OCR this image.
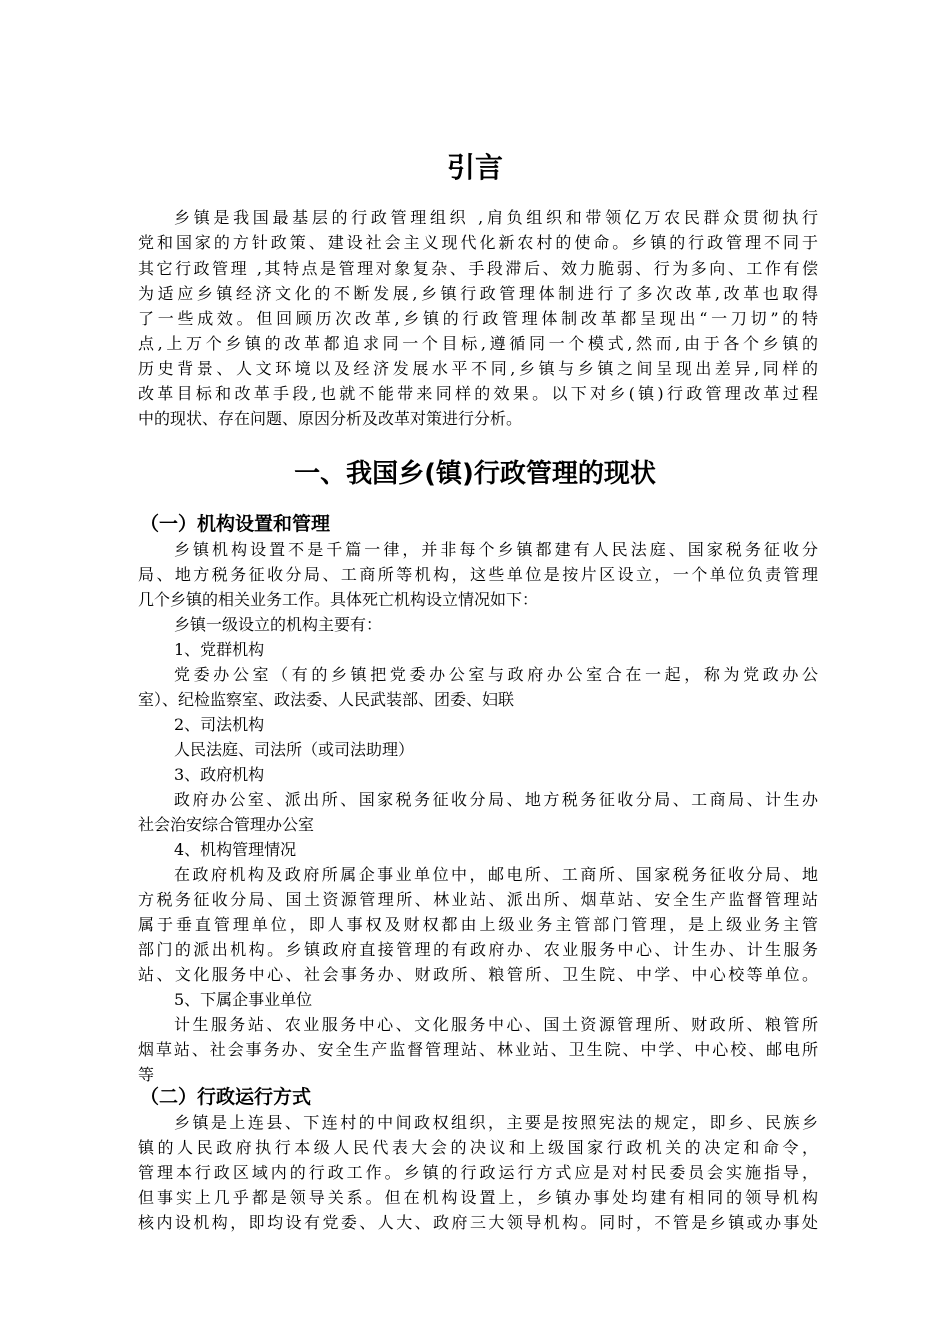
引言
乡镇是我国最基层的行政管理组织 ,肩负组织和带领亿万农民群众贯彻执行
党和国家的方针政策、建设社会主义现代化新农村的使命。乡镇的行政管理不同于
其它行政管理 ,其特点是管理对象复杂、手段滞后、效力脆弱、行为多向、工作有偿
为适应乡镇经济文化的不断发展,乡镇行政管理体制进行了多次改革,改革也取得
了一些成效。但回顾历次改革,乡镇的行政管理体制改革都呈现出“一刀切”的特
点,上万个乡镇的改革都追求同一个目标,遵循同一个模式,然而,由于各个乡镇的
历史背景、人文环境以及经济发展水平不同,乡镇与乡镇之间呈现出差异,同样的
改革目标和改革手段,也就不能带来同样的效果。以下对乡(镇)行政管理改革过程
中的现状、存在问题、原因分析及改革对策进行分析。
一、我国乡(镇)行政管理的现状
（一）机构设置和管理
乡镇机构设置不是千篇一律，并非每个乡镇都建有人民法庭、国家税务征收分
局、地方税务征收分局、工商所等机构，这些单位是按片区设立，一个单位负责管理
几个乡镇的相关业务工作。具体死亡机构设立情况如下：
乡镇一级设立的机构主要有：
1、党群机构
党委办公室（有的乡镇把党委办公室与政府办公室合在一起，称为党政办公
室）、纪检监察室、政法委、人民武装部、团委、妇联
2、司法机构
人民法庭、司法所（或司法助理）
3、政府机构
政府办公室、派出所、国家税务征收分局、地方税务征收分局、工商局、计生办
社会治安综合管理办公室
4、机构管理情况
在政府机构及政府所属企事业单位中，邮电所、工商所、国家税务征收分局、地
方税务征收分局、国土资源管理所、林业站、派出所、烟草站、安全生产监督管理站
属于垂直管理单位，即人事权及财权都由上级业务主管部门管理，是上级业务主管
部门的派出机构。乡镇政府直接管理的有政府办、农业服务中心、计生办、计生服务
站、文化服务中心、社会事务办、财政所、粮管所、卫生院、中学、中心校等单位。
5、下属企事业单位
计生服务站、农业服务中心、文化服务中心、国土资源管理所、财政所、粮管所
烟草站、社会事务办、安全生产监督管理站、林业站、卫生院、中学、中心校、邮电所
等
（二）行政运行方式
乡镇是上连县、下连村的中间政权组织，主要是按照宪法的规定，即乡、民族乡
镇的人民政府执行本级人民代表大会的决议和上级国家行政机关的决定和命令，
管理本行政区域内的行政工作。乡镇的行政运行方式应是对村民委员会实施指导，
但事实上几乎都是领导关系。但在机构设置上，乡镇办事处均建有相同的领导机构
核内设机构，即均设有党委、人大、政府三大领导机构。同时，不管是乡镇或办事处
